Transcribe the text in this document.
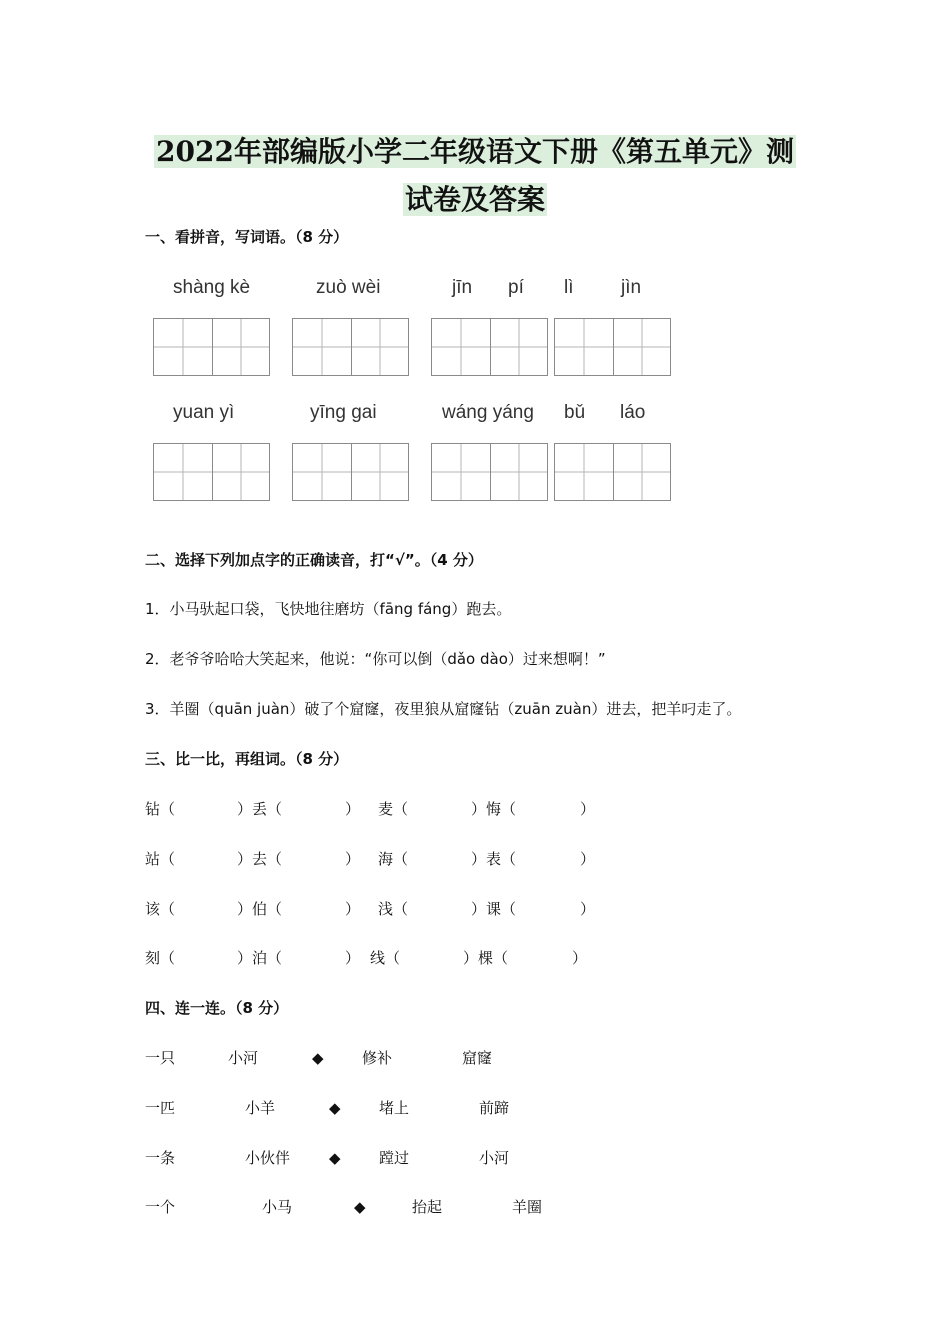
2022年部编版小学二年级语文下册《第五单元》测
试卷及答案
一、看拼音，写词语。（8 分）
shàng kè	zuò wèi	jīn pí lì	jìn
yuan yì	yīng gai	wáng yáng bǔ láo
二、选择下列加点字的正确读音，打“√”。（4 分）
1．小马驮起口袋，飞快地往磨坊（fāng fáng）跑去。
2．老爷爷哈哈大笑起来，他说：“你可以倒（dǎo dào）过来想啊！”
3．羊圈（quān juàn）破了个窟窿，夜里狼从窟窿钻（zuān zuàn）进去，把羊叼走了。
三、比一比，再组词。（8 分）
钻（	）丢（	） 麦（	）悔（	）
站（	）去（	） 海（	）表（	）
该（	）伯（	） 浅（	）课（	）
刻（	）泊（	） 线（	）棵（	）
四、连一连。（8 分）
一只	小河	◆	修补	窟窿
一匹	小羊	◆	堵上	前蹄
一条	小伙伴	◆	蹚过	小河
一个	小马	◆	抬起	羊圈
